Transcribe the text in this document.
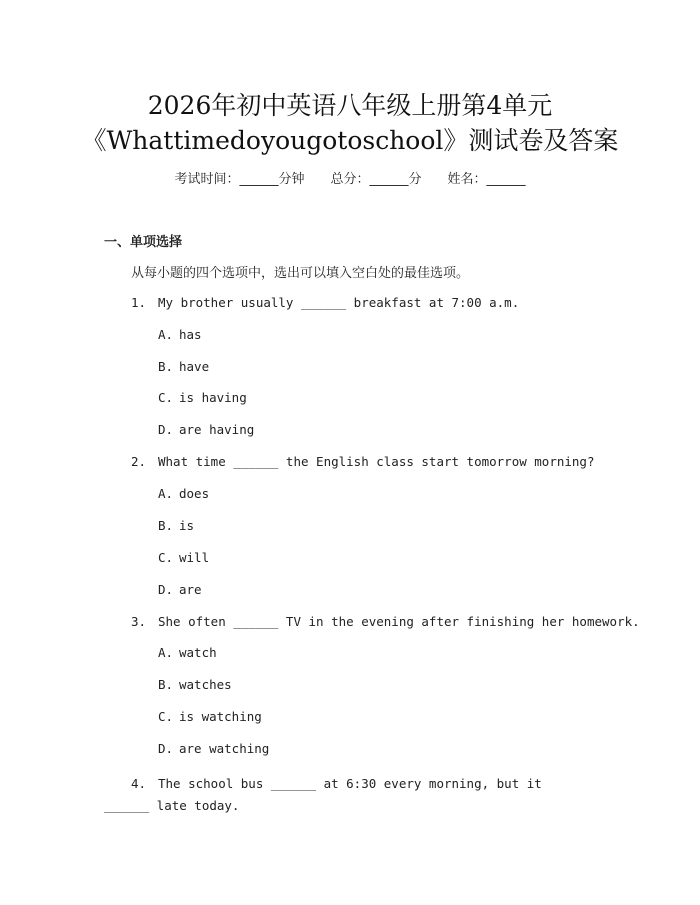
2026年初中英语八年级上册第4单元
《Whattimedoyougotoschool》测试卷及答案
考试时间：______分钟 总分：______分 姓名：______
一、单项选择
从每小题的四个选项中，选出可以填入空白处的最佳选项。
1. My brother usually ______ breakfast at 7:00 a.m.
A. has
B. have
C. is having
D. are having
2. What time ______ the English class start tomorrow morning?
A. does
B. is
C. will
D. are
3. She often ______ TV in the evening after finishing her homework.
A. watch
B. watches
C. is watching
D. are watching
4. The school bus ______ at 6:30 every morning, but it ______ late today.
